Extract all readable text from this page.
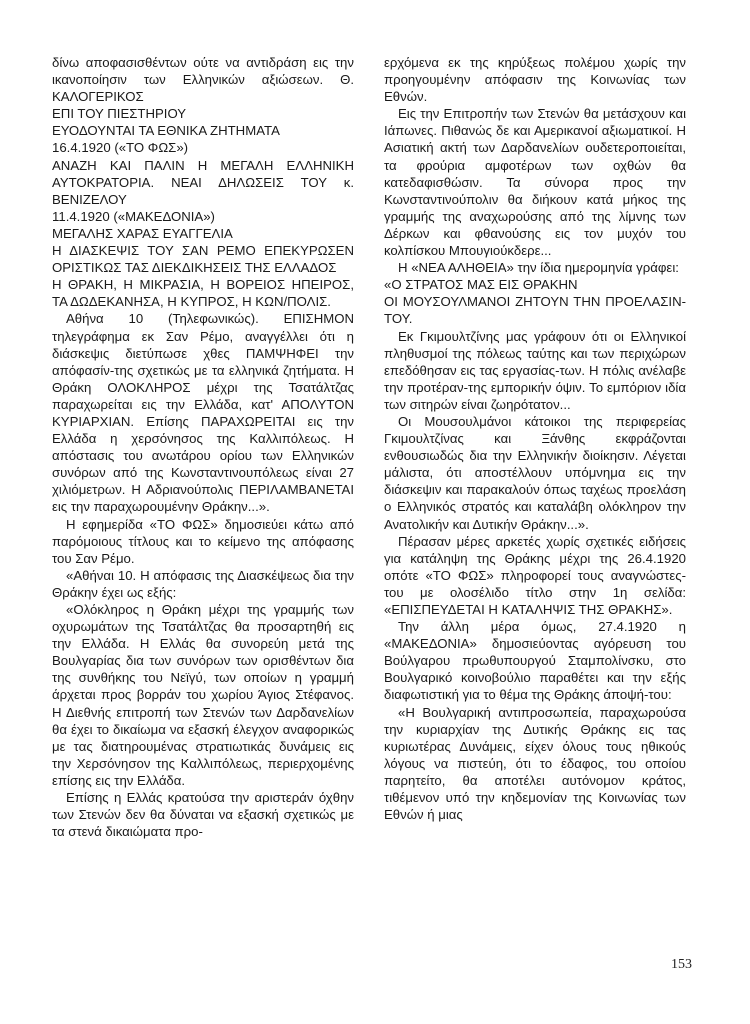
δίνω αποφασισθέντων ούτε να αντιδράση εις την ικανοποίησιν των Ελληνικών αξιώσεων. Θ. ΚΑΛΟΓΕΡΙΚΟΣ

ΕΠΙ ΤΟΥ ΠΙΕΣΤΗΡΙΟΥ

ΕΥΟΔΟΥΝΤΑΙ ΤΑ ΕΘΝΙΚΑ ΖΗΤΗΜΑΤΑ

16.4.1920 («ΤΟ ΦΩΣ»)

ΑΝΑΖΗ ΚΑΙ ΠΑΛΙΝ Η ΜΕΓΑΛΗ ΕΛΛΗΝΙΚΗ ΑΥΤΟΚΡΑΤΟΡΙΑ. ΝΕΑΙ ΔΗΛΩΣΕΙΣ ΤΟΥ κ. ΒΕΝΙΖΕΛΟΥ

11.4.1920 («ΜΑΚΕΔΟΝΙΑ»)

ΜΕΓΑΛΗΣ ΧΑΡΑΣ ΕΥΑΓΓΕΛΙΑ

Η ΔΙΑΣΚΕΨΙΣ ΤΟΥ ΣΑΝ ΡΕΜΟ ΕΠΕΚΥΡΩΣΕΝ ΟΡΙΣΤΙΚΩΣ ΤΑΣ ΔΙΕΚΔΙΚΗΣΕΙΣ ΤΗΣ ΕΛΛΑΔΟΣ

Η ΘΡΑΚΗ, Η ΜΙΚΡΑΣΙΑ, Η ΒΟΡΕΙΟΣ ΗΠΕΙΡΟΣ, ΤΑ ΔΩΔΕΚΑΝΗΣΑ, Η ΚΥΠΡΟΣ, Η ΚΩΝ/ΠΟΛΙΣ.

Αθήνα 10 (Τηλεφωνικώς). ΕΠΙΣΗΜΟΝ τηλεγράφημα εκ Σαν Ρέμο, αναγγέλλει ότι η διάσκεψις διετύπωσε χθες ΠΑΜΨΗΦΕΙ την απόφασίν-της σχετικώς με τα ελληνικά ζητήματα. Η Θράκη ΟΛΟΚΛΗΡΟΣ μέχρι της Τσατάλτζας παραχωρείται εις την Ελλάδα, κατ' ΑΠΟΛΥΤΟΝ ΚΥΡΙΑΡΧΙΑΝ. Επίσης ΠΑΡΑΧΩΡΕΙΤΑΙ εις την Ελλάδα η χερσόνησος της Καλλιπόλεως. Η απόστασις του ανωτάρου ορίου των Ελληνικών συνόρων από της Κωνσταντινουπόλεως είναι 27 χιλιόμετρων. Η Αδριανούπολις ΠΕΡΙΛΑΜΒΑΝΕΤΑΙ εις την παραχωρουμένην Θράκην...».

Η εφημερίδα «ΤΟ ΦΩΣ» δημοσιεύει κάτω από παρόμοιους τίτλους και το κείμενο της απόφασης του Σαν Ρέμο.

«Αθήναι 10. Η απόφασις της Διασκέψεως δια την Θράκην έχει ως εξής:

«Ολόκληρος η Θράκη μέχρι της γραμμής των οχυρωμάτων της Τσατάλτζας θα προσαρτηθή εις την Ελλάδα. Η Ελλάς θα συνορεύη μετά της Βουλγαρίας δια των συνόρων των ορισθέντων δια της συνθήκης του Νεϊγύ, των οποίων η γραμμή άρχεται προς βορράν του χωρίου Άγιος Στέφανος. Η Διεθνής επιτροπή των Στενών των Δαρδανελίων θα έχει το δικαίωμα να εξασκή έλεγχον αναφορικώς με τας διατηρουμένας στρατιωτικάς δυνάμεις εις την Χερσόνησον της Καλλιπόλεως, περιερχομένης επίσης εις την Ελλάδα.

Επίσης η Ελλάς κρατούσα την αριστεράν όχθην των Στενών δεν θα δύναται να εξασκή σχετικώς με τα στενά δικαιώματα προ-

ερχόμενα εκ της κηρύξεως πολέμου χωρίς την προηγουμένην απόφασιν της Κοινωνίας των Εθνών.

Εις την Επιτροπήν των Στενών θα μετάσχουν και Ιάπωνες. Πιθανώς δε και Αμερικανοί αξιωματικοί. Η Ασιατική ακτή των Δαρδανελίων ουδετεροποιείται, τα φρούρια αμφοτέρων των οχθών θα κατεδαφισθώσιν. Τα σύνορα προς την Κωνσταντινούπολιν θα διήκουν κατά μήκος της γραμμής της αναχωρούσης από της λίμνης των Δέρκων και φθανούσης εις τον μυχόν του κολπίσκου Μπουγιούκδερε...

Η «ΝΕΑ ΑΛΗΘΕΙΑ» την ίδια ημερομηνία γράφει:

«Ο ΣΤΡΑΤΟΣ ΜΑΣ ΕΙΣ ΘΡΑΚΗΝ

ΟΙ ΜΟΥΣΟΥΛΜΑΝΟΙ ΖΗΤΟΥΝ ΤΗΝ ΠΡΟΕΛΑΣΙΝ-ΤΟΥ.

Εκ Γκιμουλτζίνης μας γράφουν ότι οι Ελληνικοί πληθυσμοί της πόλεως ταύτης και των περιχώρων επεδόθησαν εις τας εργασίας-των. Η πόλις ανέλαβε την προτέραν-της εμπορικήν όψιν. Το εμπόριον ιδία των σιτηρών είναι ζωηρότατον...

Οι Μουσουλμάνοι κάτοικοι της περιφερείας Γκιμουλτζίνας και Ξάνθης εκφράζονται ενθουσιωδώς δια την Ελληνικήν διοίκησιν. Λέγεται μάλιστα, ότι αποστέλλουν υπόμνημα εις την διάσκεψιν και παρακαλούν όπως ταχέως προελάση ο Ελληνικός στρατός και καταλάβη ολόκληρον την Ανατολικήν και Δυτικήν Θράκην...».

Πέρασαν μέρες αρκετές χωρίς σχετικές ειδήσεις για κατάληψη της Θράκης μέχρι της 26.4.1920 οπότε «ΤΟ ΦΩΣ» πληροφορεί τους αναγνώστες-του με ολοσέλιδο τίτλο στην 1η σελίδα: «ΕΠΙΣΠΕΥΔΕΤΑΙ Η ΚΑΤΑΛΗΨΙΣ ΤΗΣ ΘΡΑΚΗΣ».

Την άλλη μέρα όμως, 27.4.1920 η «ΜΑΚΕΔΟΝΙΑ» δημοσιεύοντας αγόρευση του Βούλγαρου πρωθυπουργού Σταμπολίνσκυ, στο Βουλγαρικό κοινοβούλιο παραθέτει και την εξής διαφωτιστική για το θέμα της Θράκης άποψή-του:

«Η Βουλγαρική αντιπροσωπεία, παραχωρούσα την κυριαρχίαν της Δυτικής Θράκης εις τας κυριωτέρας Δυνάμεις, είχεν όλους τους ηθικούς λόγους να πιστεύη, ότι το έδαφος, του οποίου παρητείτο, θα αποτέλει αυτόνομον κράτος, τιθέμενον υπό την κηδεμονίαν της Κοινωνίας των Εθνών ή μιας

153
